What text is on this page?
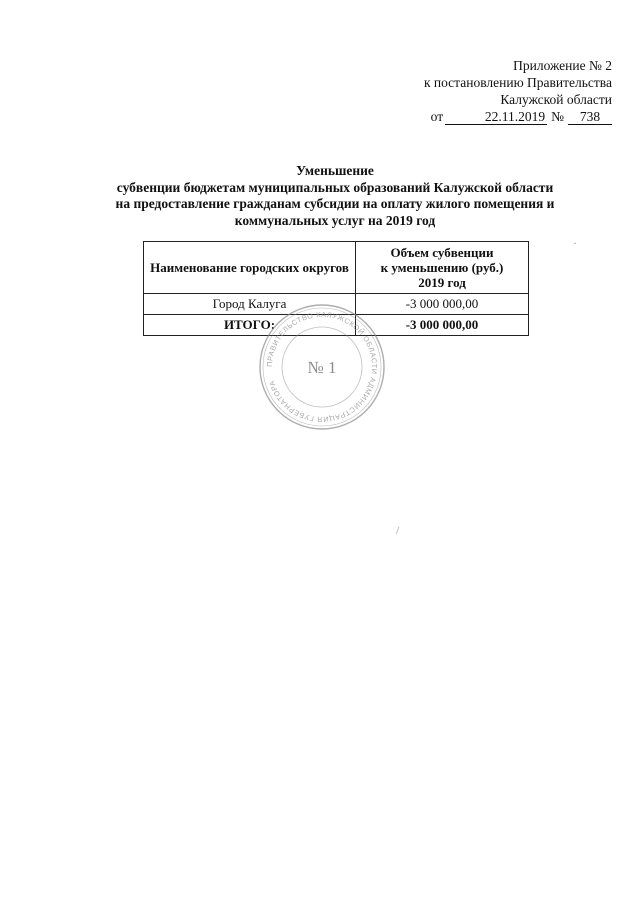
Приложение № 2
к постановлению Правительства
Калужской области
от	22.11.2019 №	738
Уменьшение
субвенции бюджетам муниципальных образований Калужской области
на предоставление гражданам субсидии на оплату жилого помещения и
коммунальных услуг на 2019 год
Наименование городских округов	Объем субвенции
к уменьшению (руб.)
2019 год

Город Калуга	-3 000 000,00
ИТОГО:	-3 000 000,00
ПРАВИТЕЛЬСТВО КАЛУЖСКОЙ ОБЛАСТИ АДМИНИСТРАЦИЯ ГУБЕРНАТОРА
№ 1
/
·
